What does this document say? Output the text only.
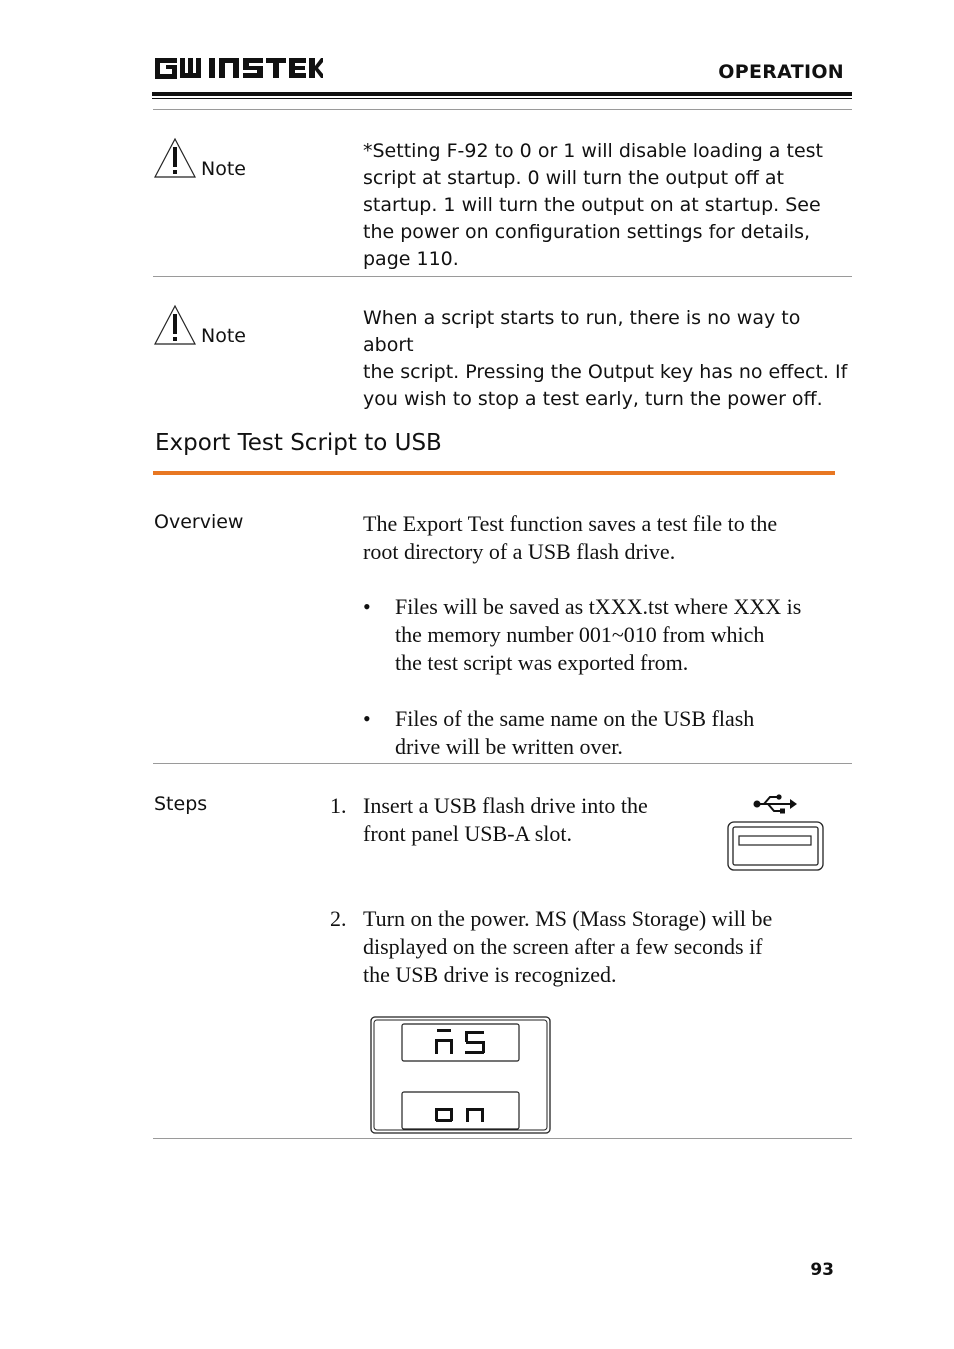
OPERATION
Note
*Setting F-92 to 0 or 1 will disable loading a test
script at startup. 0 will turn the output off at
startup. 1 will turn the output on at startup. See
the power on configuration settings for details,
page 110.
Note
When a script starts to run, there is no way to abort
the script. Pressing the Output key has no effect. If
you wish to stop a test early, turn the power off.
Export Test Script to USB
Overview	The Export Test function saves a test file to the
root directory of a USB flash drive.
• Files will be saved as tXXX.tst where XXX is
the memory number 001~010 from which
the test script was exported from.
• Files of the same name on the USB flash
drive will be written over.
Steps	1. Insert a USB flash drive into the
front panel USB-A slot.
2. Turn on the power. MS (Mass Storage) will be
displayed on the screen after a few seconds if
the USB drive is recognized.
93
